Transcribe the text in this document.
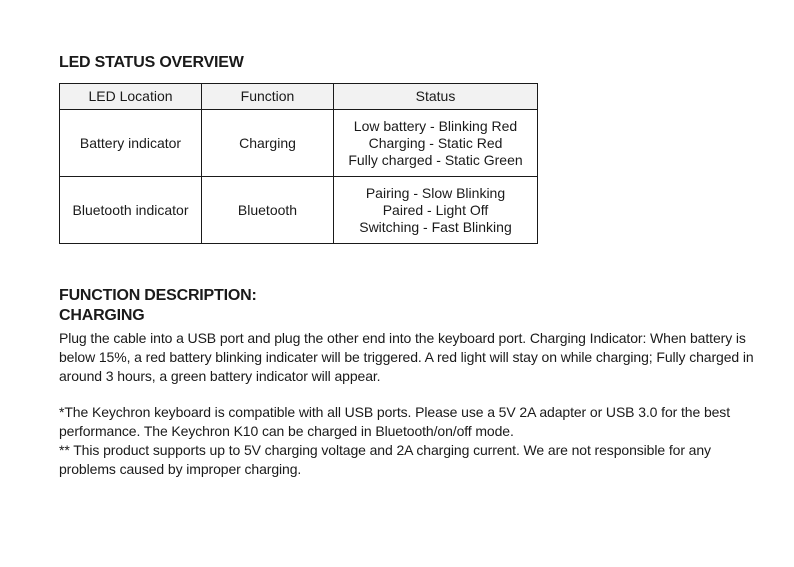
LED STATUS OVERVIEW
LED Location	Function	Status
Battery indicator	Charging	Low battery - Blinking Red
Charging - Static Red
Fully charged - Static Green

Bluetooth indicator	Bluetooth	Pairing - Slow Blinking
Paired - Light Off
Switching - Fast Blinking
FUNCTION DESCRIPTION:
CHARGING

Plug the cable into a USB port and plug the other end into the keyboard port. Charging Indicator: When battery is below 15%, a red battery blinking indicater will be triggered. A red light will stay on while charging; Fully charged in around 3 hours, a green battery indicator will appear.

*The Keychron keyboard is compatible with all USB ports. Please use a 5V 2A adapter or USB 3.0 for the best performance. The Keychron K10 can be charged in Bluetooth/on/off mode.

** This product supports up to 5V charging voltage and 2A charging current. We are not responsible for any problems caused by improper charging.
